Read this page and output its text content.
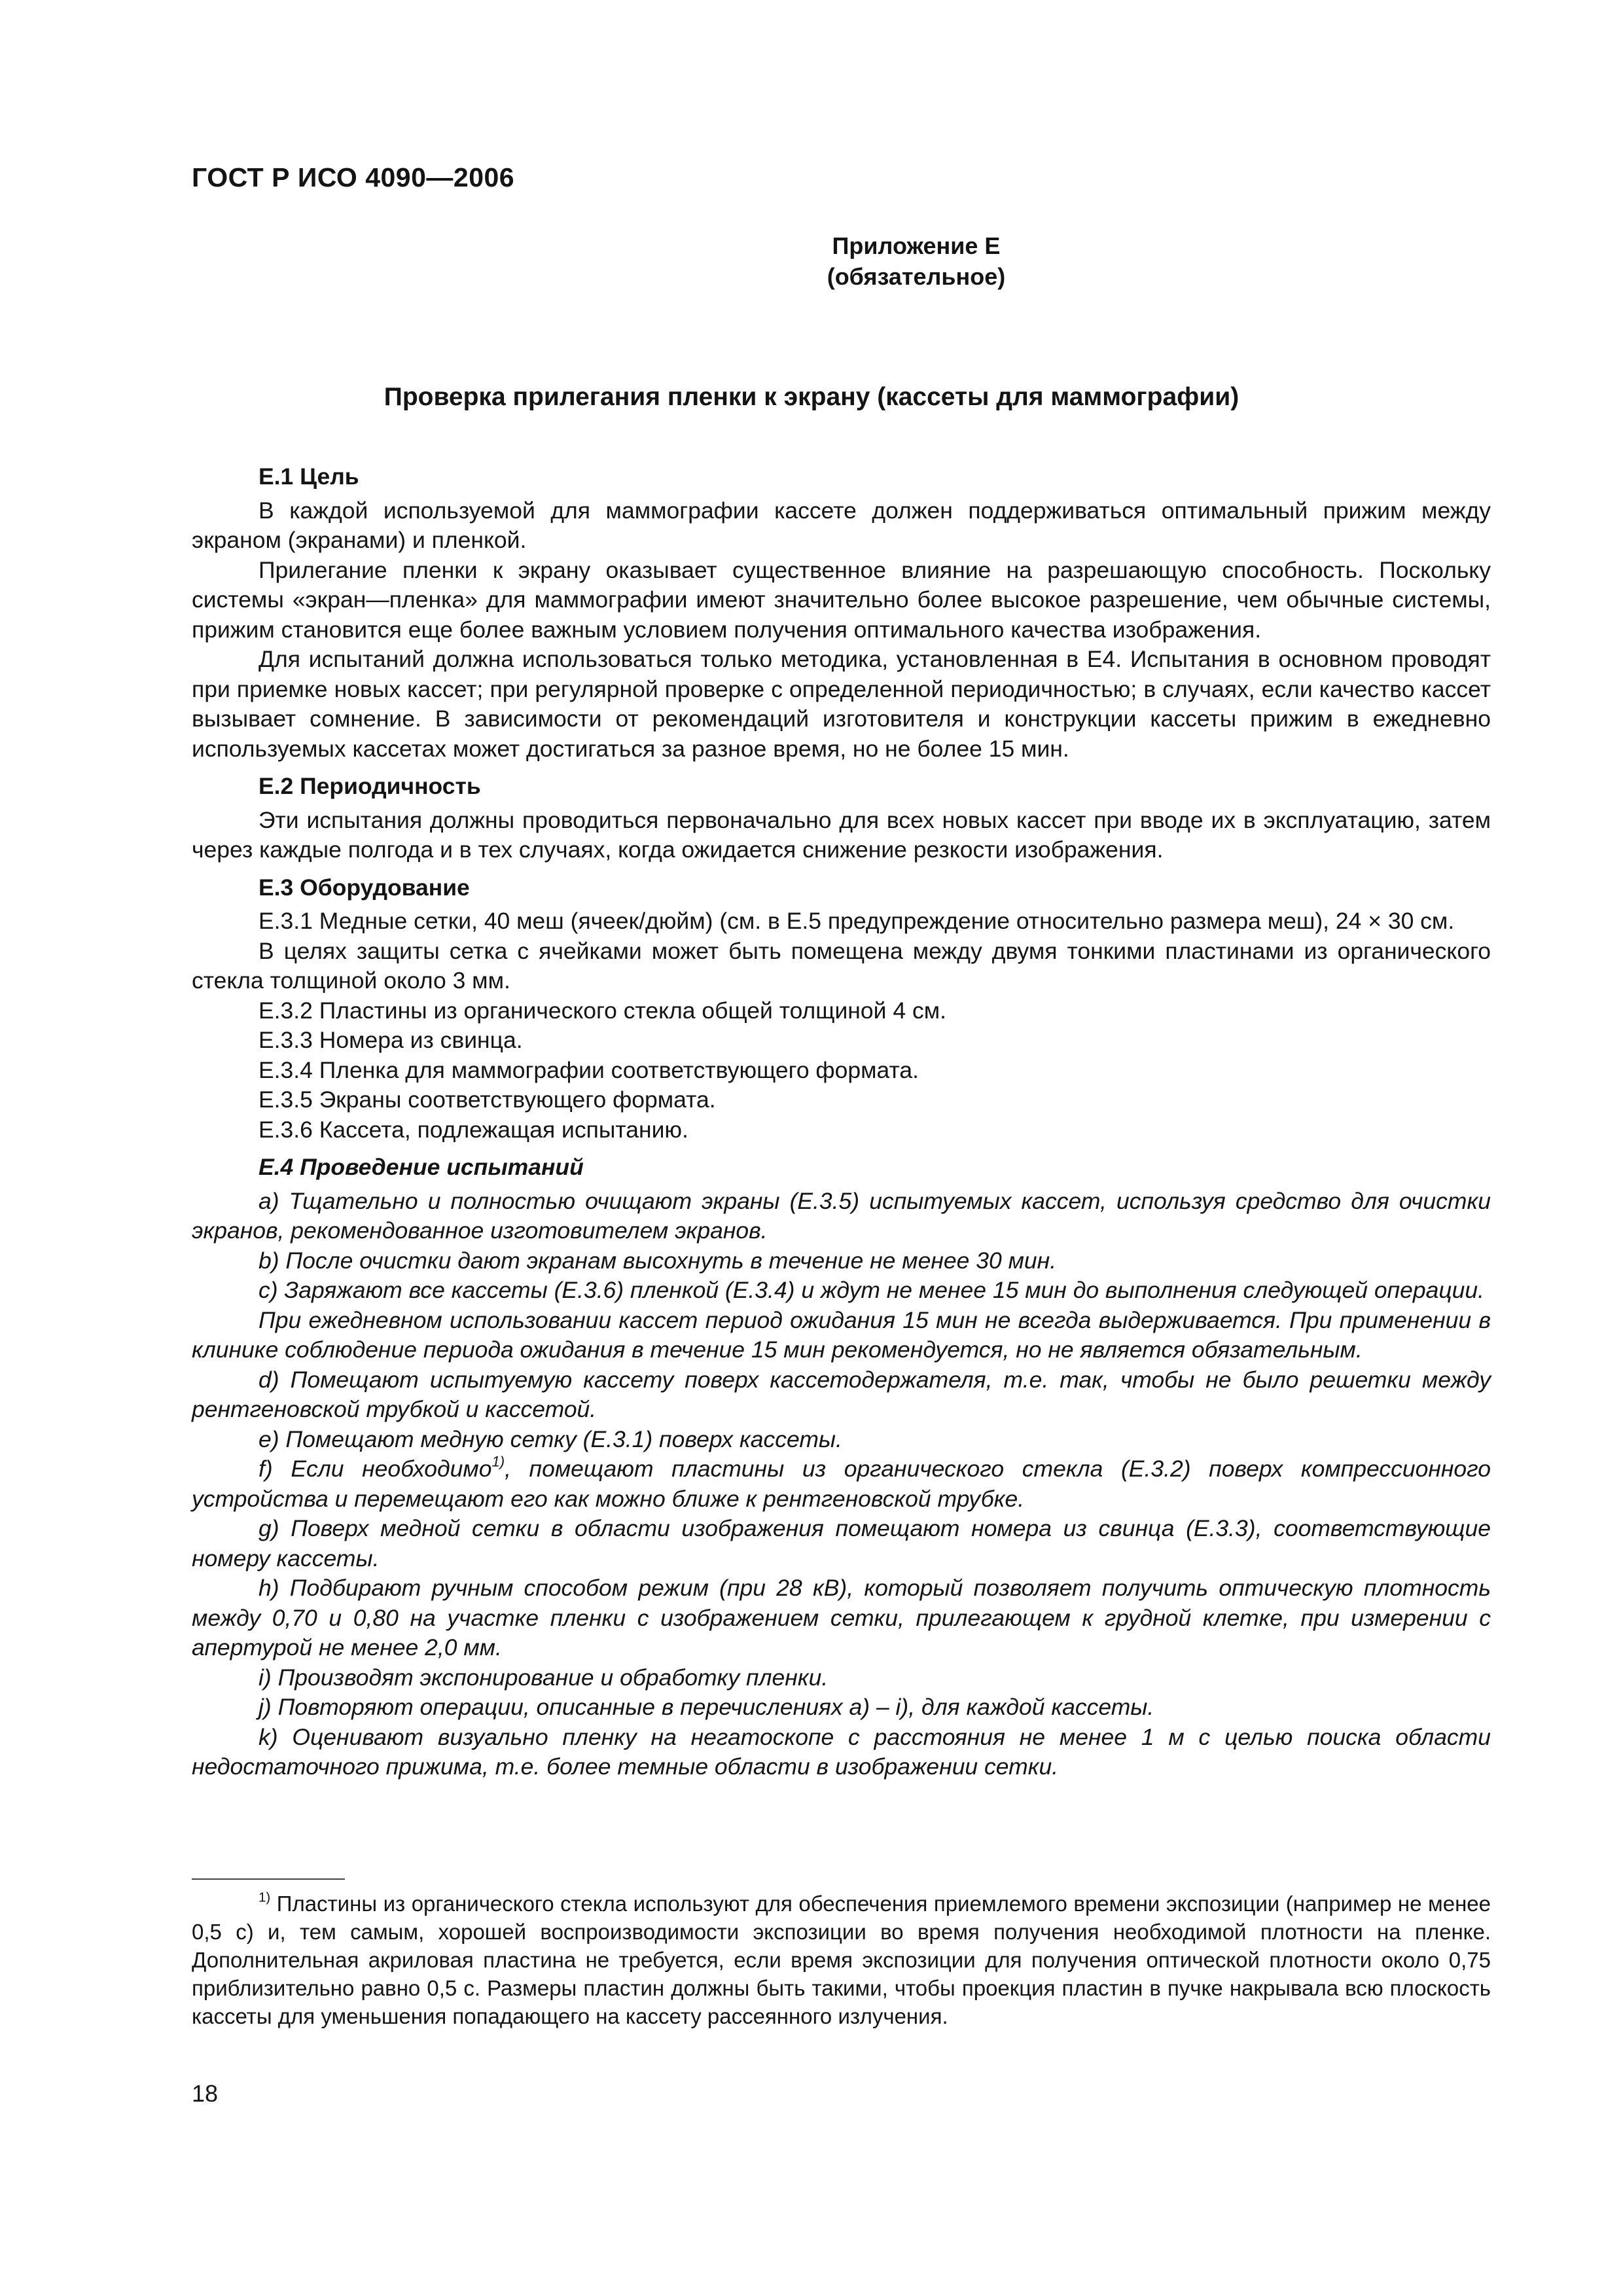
ГОСТ Р ИСО 4090—2006
Приложение Е
(обязательное)
Проверка прилегания пленки к экрану (кассеты для маммографии)
Е.1 Цель

В каждой используемой для маммографии кассете должен поддерживаться оптимальный прижим между экраном (экранами) и пленкой.

Прилегание пленки к экрану оказывает существенное влияние на разрешающую способность. Поскольку системы «экран—пленка» для маммографии имеют значительно более высокое разрешение, чем обычные системы, прижим становится еще более важным условием получения оптимального качества изображения.

Для испытаний должна использоваться только методика, установленная в Е4. Испытания в основном проводят при приемке новых кассет; при регулярной проверке с определенной периодичностью; в случаях, если качество кассет вызывает сомнение. В зависимости от рекомендаций изготовителя и конструкции кассеты прижим в ежедневно используемых кассетах может достигаться за разное время, но не более 15 мин.

Е.2 Периодичность

Эти испытания должны проводиться первоначально для всех новых кассет при вводе их в эксплуатацию, затем через каждые полгода и в тех случаях, когда ожидается снижение резкости изображения.

Е.3 Оборудование

Е.3.1 Медные сетки, 40 меш (ячеек/дюйм) (см. в Е.5 предупреждение относительно размера меш), 24 × 30 см.

В целях защиты сетка с ячейками может быть помещена между двумя тонкими пластинами из органического стекла толщиной около 3 мм.

Е.3.2 Пластины из органического стекла общей толщиной 4 см.

Е.3.3 Номера из свинца.

Е.3.4 Пленка для маммографии соответствующего формата.

Е.3.5 Экраны соответствующего формата.

Е.3.6 Кассета, подлежащая испытанию.

Е.4 Проведение испытаний

а) Тщательно и полностью очищают экраны (Е.3.5) испытуемых кассет, используя средство для очистки экранов, рекомендованное изготовителем экранов.

b) После очистки дают экранам высохнуть в течение не менее 30 мин.

с) Заряжают все кассеты (Е.3.6) пленкой (Е.3.4) и ждут не менее 15 мин до выполнения следующей операции.

При ежедневном использовании кассет период ожидания 15 мин не всегда выдерживается. При применении в клинике соблюдение периода ожидания в течение 15 мин рекомендуется, но не является обязательным.

d) Помещают испытуемую кассету поверх кассетодержателя, т.е. так, чтобы не было решетки между рентгеновской трубкой и кассетой.

е) Помещают медную сетку (Е.3.1) поверх кассеты.

f) Если необходимо$^{1)}$, помещают пластины из органического стекла (Е.3.2) поверх компрессионного устройства и перемещают его как можно ближе к рентгеновской трубке.

g) Поверх медной сетки в области изображения помещают номера из свинца (Е.3.3), соответствующие номеру кассеты.

h) Подбирают ручным способом режим (при 28 кВ), который позволяет получить оптическую плотность между 0,70 и 0,80 на участке пленки с изображением сетки, прилегающем к грудной клетке, при измерении с апертурой не менее 2,0 мм.

i) Производят экспонирование и обработку пленки.

j) Повторяют операции, описанные в перечислениях а) – i), для каждой кассеты.

k) Оценивают визуально пленку на негатоскопе с расстояния не менее 1 м с целью поиска области недостаточного прижима, т.е. более темные области в изображении сетки.

$^{1)}$ Пластины из органического стекла используют для обеспечения приемлемого времени экспозиции (например не менее 0,5 с) и, тем самым, хорошей воспроизводимости экспозиции во время получения необходимой плотности на пленке. Дополнительная акриловая пластина не требуется, если время экспозиции для получения оптической плотности около 0,75 приблизительно равно 0,5 с. Размеры пластин должны быть такими, чтобы проекция пластин в пучке накрывала всю плоскость кассеты для уменьшения попадающего на кассету рассеянного излучения.
18
